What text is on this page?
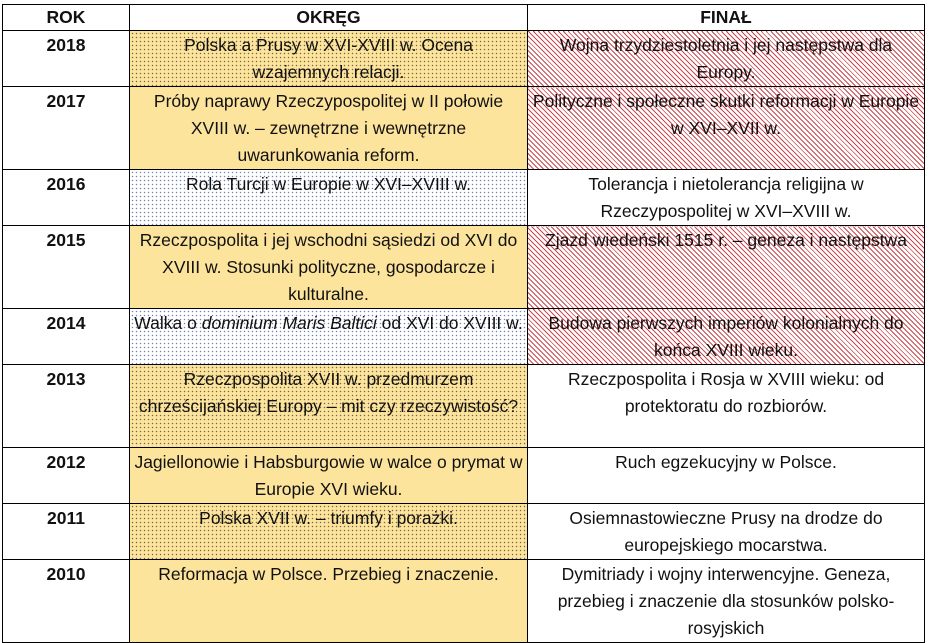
ROK	OKRĘG	FINAŁ
2018	Polska a Prusy w XVI-XVIII w. Ocena wzajemnych relacji.	Wojna trzydziestoletnia i jej następstwa dla Europy.
2017	Próby naprawy Rzeczypospolitej w II połowie XVIII w. – zewnętrzne i wewnętrzne uwarunkowania reform.	Polityczne i społeczne skutki reformacji w Europie w XVI–XVII w.
2016	Rola Turcji w Europie w XVI–XVIII w.	Tolerancja i nietolerancja religijna w Rzeczypospolitej w XVI–XVIII w.
2015	Rzeczpospolita i jej wschodni sąsiedzi od XVI do XVIII w. Stosunki polityczne, gospodarcze i kulturalne.	Zjazd wiedeński 1515 r. – geneza i następstwa
2014	Walka o dominium Maris Baltici od XVI do XVIII w.	Budowa pierwszych imperiów kolonialnych do końca XVIII wieku.
2013	Rzeczpospolita XVII w. przedmurzem chrześcijańskiej Europy – mit czy rzeczywistość?	Rzeczpospolita i Rosja w XVIII wieku: od protektoratu do rozbiorów.
2012	Jagiellonowie i Habsburgowie w walce o prymat w Europie XVI wieku.	Ruch egzekucyjny w Polsce.
2011	Polska XVII w. – triumfy i porażki.	Osiemnastowieczne Prusy na drodze do europejskiego mocarstwa.
2010	Reformacja w Polsce. Przebieg i znaczenie.	Dymitriady i wojny interwencyjne. Geneza, przebieg i znaczenie dla stosunków polsko-rosyjskich
